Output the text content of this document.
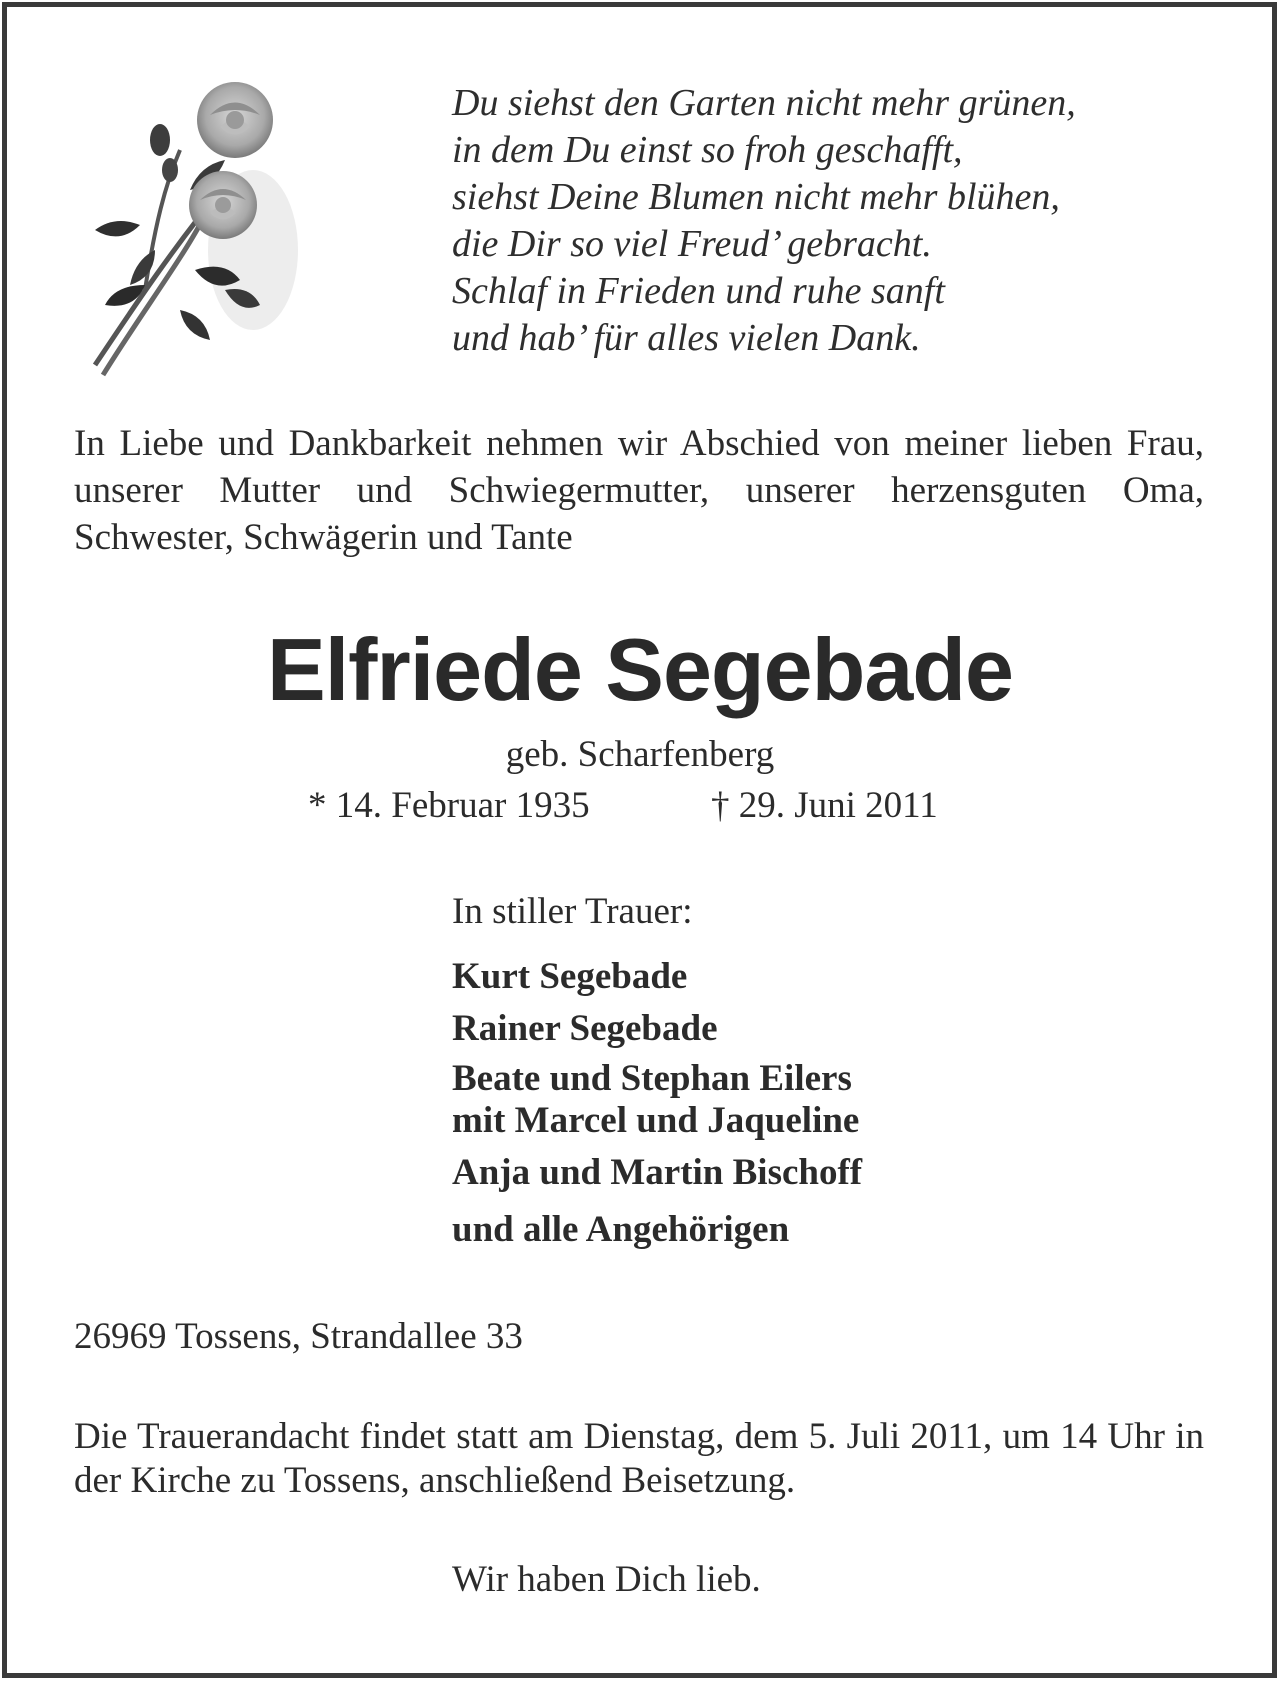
Du siehst den Garten nicht mehr grünen,
in dem Du einst so froh geschafft,
siehst Deine Blumen nicht mehr blühen,
die Dir so viel Freud’ gebracht.
Schlaf in Frieden und ruhe sanft
und hab’ für alles vielen Dank.
In Liebe und Dankbarkeit nehmen wir Abschied von meiner lieben Frau, unserer Mutter und Schwiegermutter, unserer herzensguten Oma, Schwester, Schwägerin und Tante
Elfriede Segebade
geb. Scharfenberg
* 14. Februar 1935	† 29. Juni 2011
In stiller Trauer:
Kurt Segebade
Rainer Segebade
Beate und Stephan Eilers
mit Marcel und Jaqueline
Anja und Martin Bischoff
und alle Angehörigen
26969 Tossens, Strandallee 33
Die Trauerandacht findet statt am Dienstag, dem 5. Juli 2011, um 14 Uhr in der Kirche zu Tossens, anschließend Beisetzung.
Wir haben Dich lieb.
